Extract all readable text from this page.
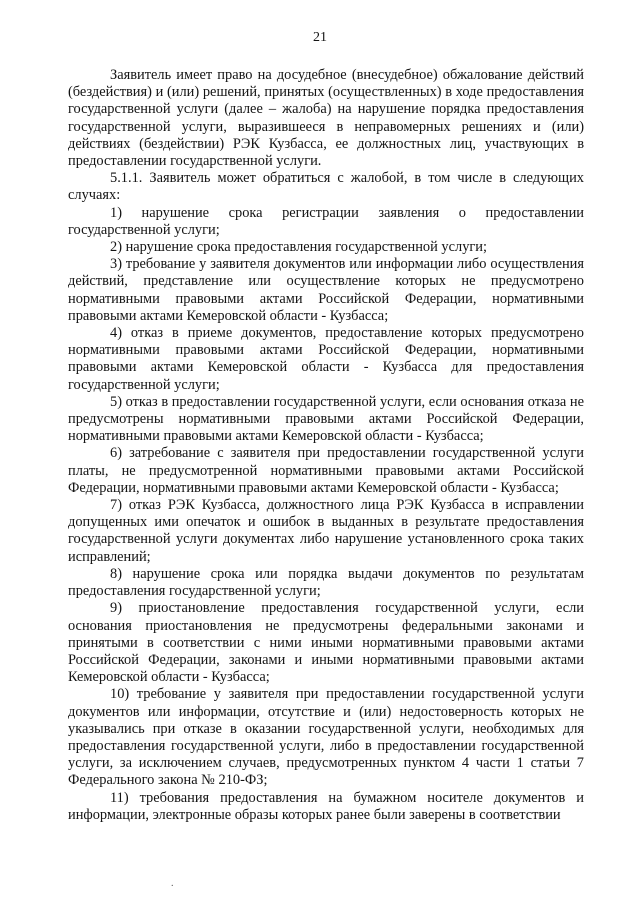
21

Заявитель имеет право на досудебное (внесудебное) обжалование действий (бездействия) и (или) решений, принятых (осуществленных) в ходе предоставления государственной услуги (далее – жалоба) на нарушение порядка предоставления государственной услуги, выразившееся в неправомерных решениях и (или) действиях (бездействии) РЭК Кузбасса, ее должностных лиц, участвующих в предоставлении государственной услуги.

5.1.1. Заявитель может обратиться с жалобой, в том числе в следующих случаях:

1) нарушение срока регистрации заявления о предоставлении государственной услуги;

2) нарушение срока предоставления государственной услуги;

3) требование у заявителя документов или информации либо осуществления действий, представление или осуществление которых не предусмотрено нормативными правовыми актами Российской Федерации, нормативными правовыми актами Кемеровской области - Кузбасса;

4) отказ в приеме документов, предоставление которых предусмотрено нормативными правовыми актами Российской Федерации, нормативными правовыми актами Кемеровской области - Кузбасса для предоставления государственной услуги;

5) отказ в предоставлении государственной услуги, если основания отказа не предусмотрены нормативными правовыми актами Российской Федерации, нормативными правовыми актами Кемеровской области - Кузбасса;

6) затребование с заявителя при предоставлении государственной услуги платы, не предусмотренной нормативными правовыми актами Российской Федерации, нормативными правовыми актами Кемеровской области - Кузбасса;

7) отказ РЭК Кузбасса, должностного лица РЭК Кузбасса в исправлении допущенных ими опечаток и ошибок в выданных в результате предоставления государственной услуги документах либо нарушение установленного срока таких исправлений;

8) нарушение срока или порядка выдачи документов по результатам предоставления государственной услуги;

9) приостановление предоставления государственной услуги, если основания приостановления не предусмотрены федеральными законами и принятыми в соответствии с ними иными нормативными правовыми актами Российской Федерации, законами и иными нормативными правовыми актами Кемеровской области - Кузбасса;

10) требование у заявителя при предоставлении государственной услуги документов или информации, отсутствие и (или) недостоверность которых не указывались при отказе в оказании государственной услуги, необходимых для предоставления государственной услуги, либо в предоставлении государственной услуги, за исключением случаев, предусмотренных пунктом 4 части 1 статьи 7 Федерального закона № 210-ФЗ;

11) требования предоставления на бумажном носителе документов и информации, электронные образы которых ранее были заверены в соответствии

.
